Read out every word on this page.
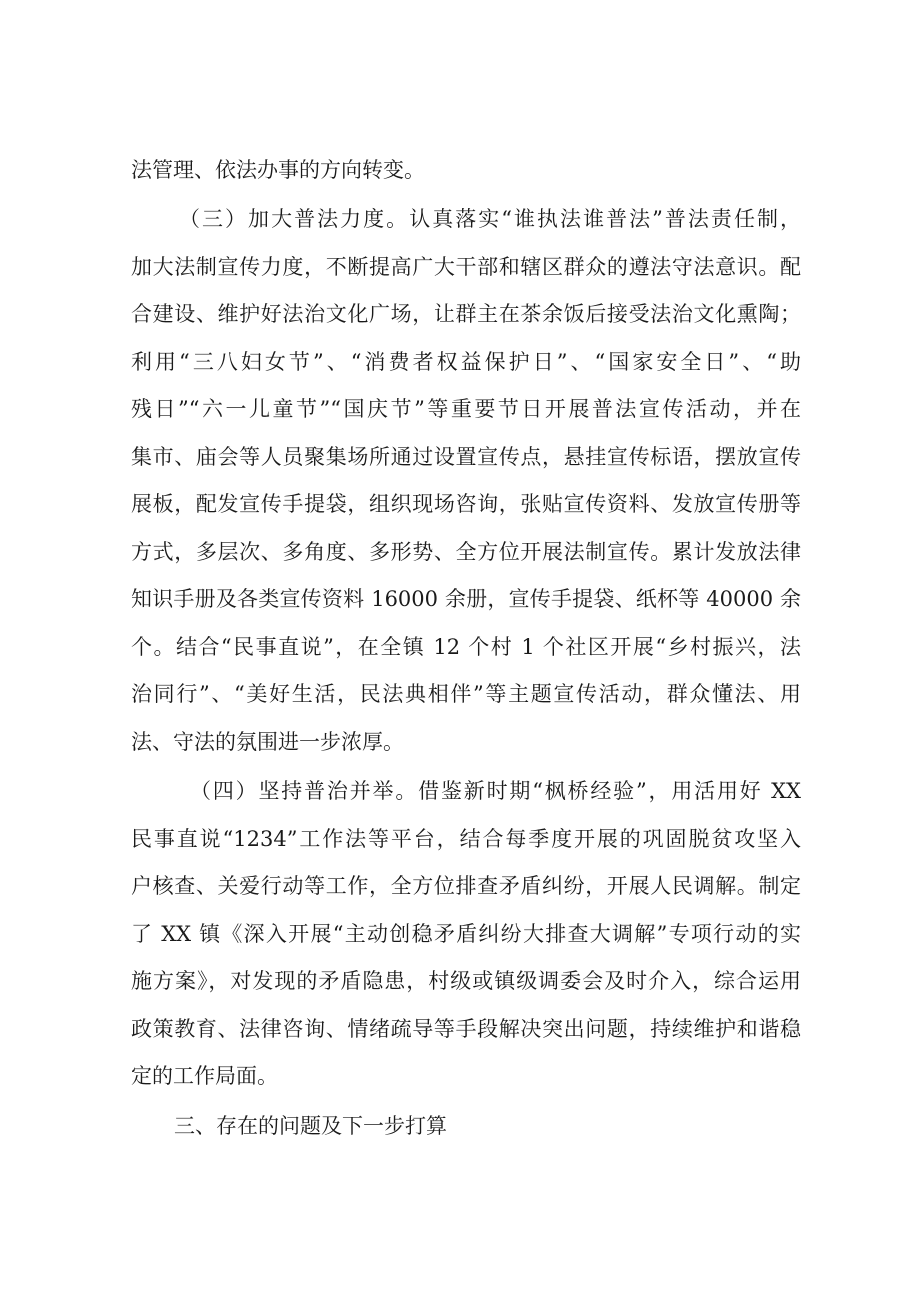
法管理、依法办事的方向转变。
（三）加大普法力度。认真落实“谁执法谁普法”普法责任制，
加大法制宣传力度，不断提高广大干部和辖区群众的遵法守法意识。配
合建设、维护好法治文化广场，让群主在茶余饭后接受法治文化熏陶；
利用“三八妇女节”、“消费者权益保护日”、“国家安全日”、“助
残日”“六一儿童节”“国庆节”等重要节日开展普法宣传活动，并在
集市、庙会等人员聚集场所通过设置宣传点，悬挂宣传标语，摆放宣传
展板，配发宣传手提袋，组织现场咨询，张贴宣传资料、发放宣传册等
方式，多层次、多角度、多形势、全方位开展法制宣传。累计发放法律
知识手册及各类宣传资料 16000 余册，宣传手提袋、纸杯等 40000 余
个。结合“民事直说”，在全镇 12 个村 1 个社区开展“乡村振兴，法
治同行”、“美好生活，民法典相伴”等主题宣传活动，群众懂法、用
法、守法的氛围进一步浓厚。
（四）坚持普治并举。借鉴新时期“枫桥经验”，用活用好 XX
民事直说“1234”工作法等平台，结合每季度开展的巩固脱贫攻坚入
户核查、关爱行动等工作，全方位排查矛盾纠纷，开展人民调解。制定
了 XX 镇《深入开展“主动创稳矛盾纠纷大排查大调解”专项行动的实
施方案》，对发现的矛盾隐患，村级或镇级调委会及时介入，综合运用
政策教育、法律咨询、情绪疏导等手段解决突出问题，持续维护和谐稳
定的工作局面。
三、存在的问题及下一步打算
